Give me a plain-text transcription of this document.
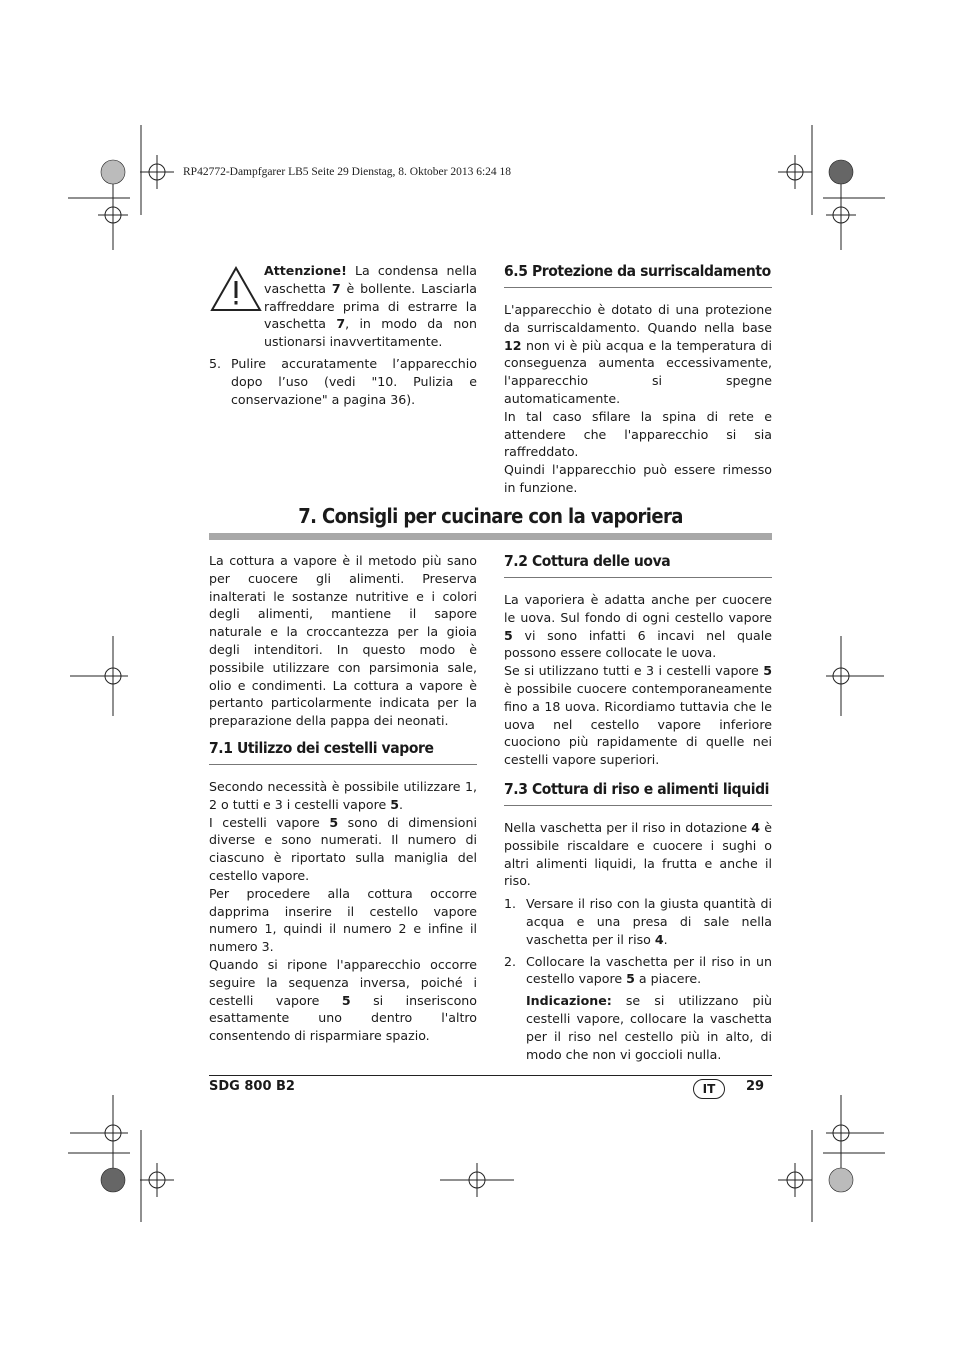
RP42772-Dampfgarer LB5 Seite 29 Dienstag, 8. Oktober 2013 6:24 18

Attenzione! La condensa nella vaschetta 7 è bollente. Lasciarla raffreddare prima di estrarre la vaschetta 7, in modo da non ustionarsi inavvertitamente.

5. Pulire accuratamente l’apparecchio dopo l’uso (vedi "10. Pulizia e conservazione" a pagina 36).
6.5 Protezione da surriscaldamento

L'apparecchio è dotato di una protezione da surriscaldamento. Quando nella base 12 non vi è più acqua e la temperatura di conseguenza aumenta eccessivamente, l'apparecchio si spegne automaticamente.

In tal caso sfilare la spina di rete e attendere che l'apparecchio si sia raffreddato.

Quindi l'apparecchio può essere rimesso in funzione.

7. Consigli per cucinare con la vaporiera
La cottura a vapore è il metodo più sano per cuocere gli alimenti. Preserva inalterati le sostanze nutritive e i colori degli alimenti, mantiene il sapore naturale e la croccantezza per la gioia degli intenditori. In questo modo è possibile utilizzare con parsimonia sale, olio e condimenti. La cottura a vapore è pertanto particolarmente indicata per la preparazione della pappa dei neonati.
7.1 Utilizzo dei cestelli vapore

Secondo necessità è possibile utilizzare 1, 2 o tutti e 3 i cestelli vapore 5.

I cestelli vapore 5 sono di dimensioni diverse e sono numerati. Il numero di ciascuno è riportato sulla maniglia del cestello vapore.

Per procedere alla cottura occorre dapprima inserire il cestello vapore numero 1, quindi il numero 2 e infine il numero 3.

Quando si ripone l'apparecchio occorre seguire la sequenza inversa, poiché i cestelli vapore 5 si inseriscono esattamente uno dentro l'altro consentendo di risparmiare spazio.

7.2 Cottura delle uova

La vaporiera è adatta anche per cuocere le uova. Sul fondo di ogni cestello vapore 5 vi sono infatti 6 incavi nel quale possono essere collocate le uova.

Se si utilizzano tutti e 3 i cestelli vapore 5 è possibile cuocere contemporaneamente fino a 18 uova. Ricordiamo tuttavia che le uova nel cestello vapore inferiore cuociono più rapidamente di quelle nei cestelli vapore superiori.

7.3 Cottura di riso e alimenti liquidi

Nella vaschetta per il riso in dotazione 4 è possibile riscaldare e cuocere i sughi o altri alimenti liquidi, la frutta e anche il riso.

1. Versare il riso con la giusta quantità di acqua e una presa di sale nella vaschetta per il riso 4.
2. Collocare la vaschetta per il riso in un cestello vapore 5 a piacere.
Indicazione: se si utilizzano più cestelli vapore, collocare la vaschetta per il riso nel cestello più in alto, di modo che non vi goccioli nulla.
SDG 800 B2	IT	29
